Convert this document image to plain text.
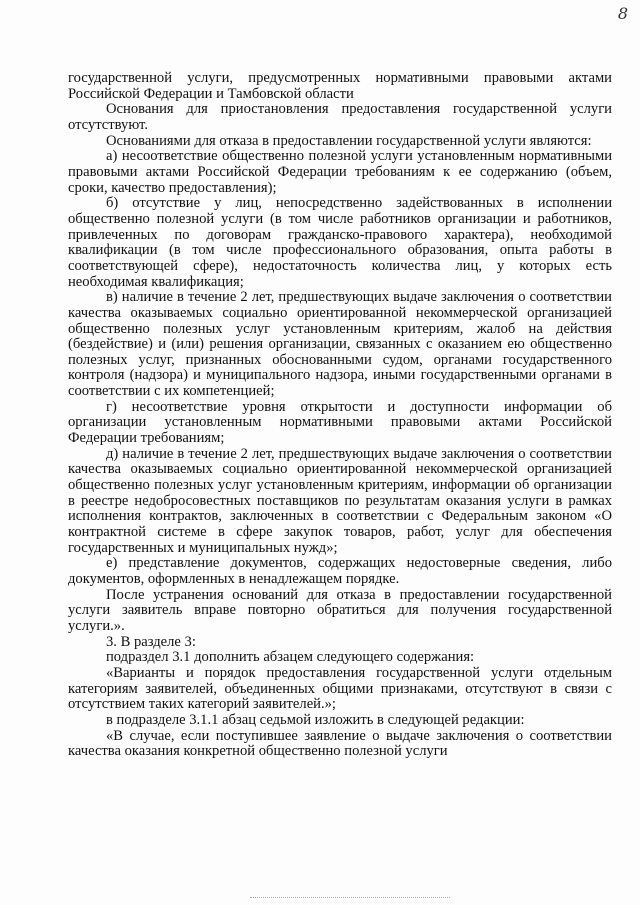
8

государственной услуги, предусмотренных нормативными правовыми актами Российской Федерации и Тамбовской области

Основания для приостановления предоставления государственной услуги отсутствуют.

Основаниями для отказа в предоставлении государственной услуги являются:

а) несоответствие общественно полезной услуги установленным нормативными правовыми актами Российской Федерации требованиям к ее содержанию (объем, сроки, качество предоставления);

б) отсутствие у лиц, непосредственно задействованных в исполнении общественно полезной услуги (в том числе работников организации и работников, привлеченных по договорам гражданско-правового характера), необходимой квалификации (в том числе профессионального образования, опыта работы в соответствующей сфере), недостаточность количества лиц, у которых есть необходимая квалификация;

в) наличие в течение 2 лет, предшествующих выдаче заключения о соответствии качества оказываемых социально ориентированной некоммерческой организацией общественно полезных услуг установленным критериям, жалоб на действия (бездействие) и (или) решения организации, связанных с оказанием ею общественно полезных услуг, признанных обоснованными судом, органами государственного контроля (надзора) и муниципального надзора, иными государственными органами в соответствии с их компетенцией;

г) несоответствие уровня открытости и доступности информации об организации установленным нормативными правовыми актами Российской Федерации требованиям;

д) наличие в течение 2 лет, предшествующих выдаче заключения о соответствии качества оказываемых социально ориентированной некоммерческой организацией общественно полезных услуг установленным критериям, информации об организации в реестре недобросовестных поставщиков по результатам оказания услуги в рамках исполнения контрактов, заключенных в соответствии с Федеральным законом «О контрактной системе в сфере закупок товаров, работ, услуг для обеспечения государственных и муниципальных нужд»;

е) представление документов, содержащих недостоверные сведения, либо документов, оформленных в ненадлежащем порядке.

После устранения оснований для отказа в предоставлении государственной услуги заявитель вправе повторно обратиться для получения государственной услуги.».

3. В разделе 3:

подраздел 3.1 дополнить абзацем следующего содержания:

«Варианты и порядок предоставления государственной услуги отдельным категориям заявителей, объединенных общими признаками, отсутствуют в связи с отсутствием таких категорий заявителей.»;

в подразделе 3.1.1 абзац седьмой изложить в следующей редакции:

«В случае, если поступившее заявление о выдаче заключения о соответствии качества оказания конкретной общественно полезной услуги
